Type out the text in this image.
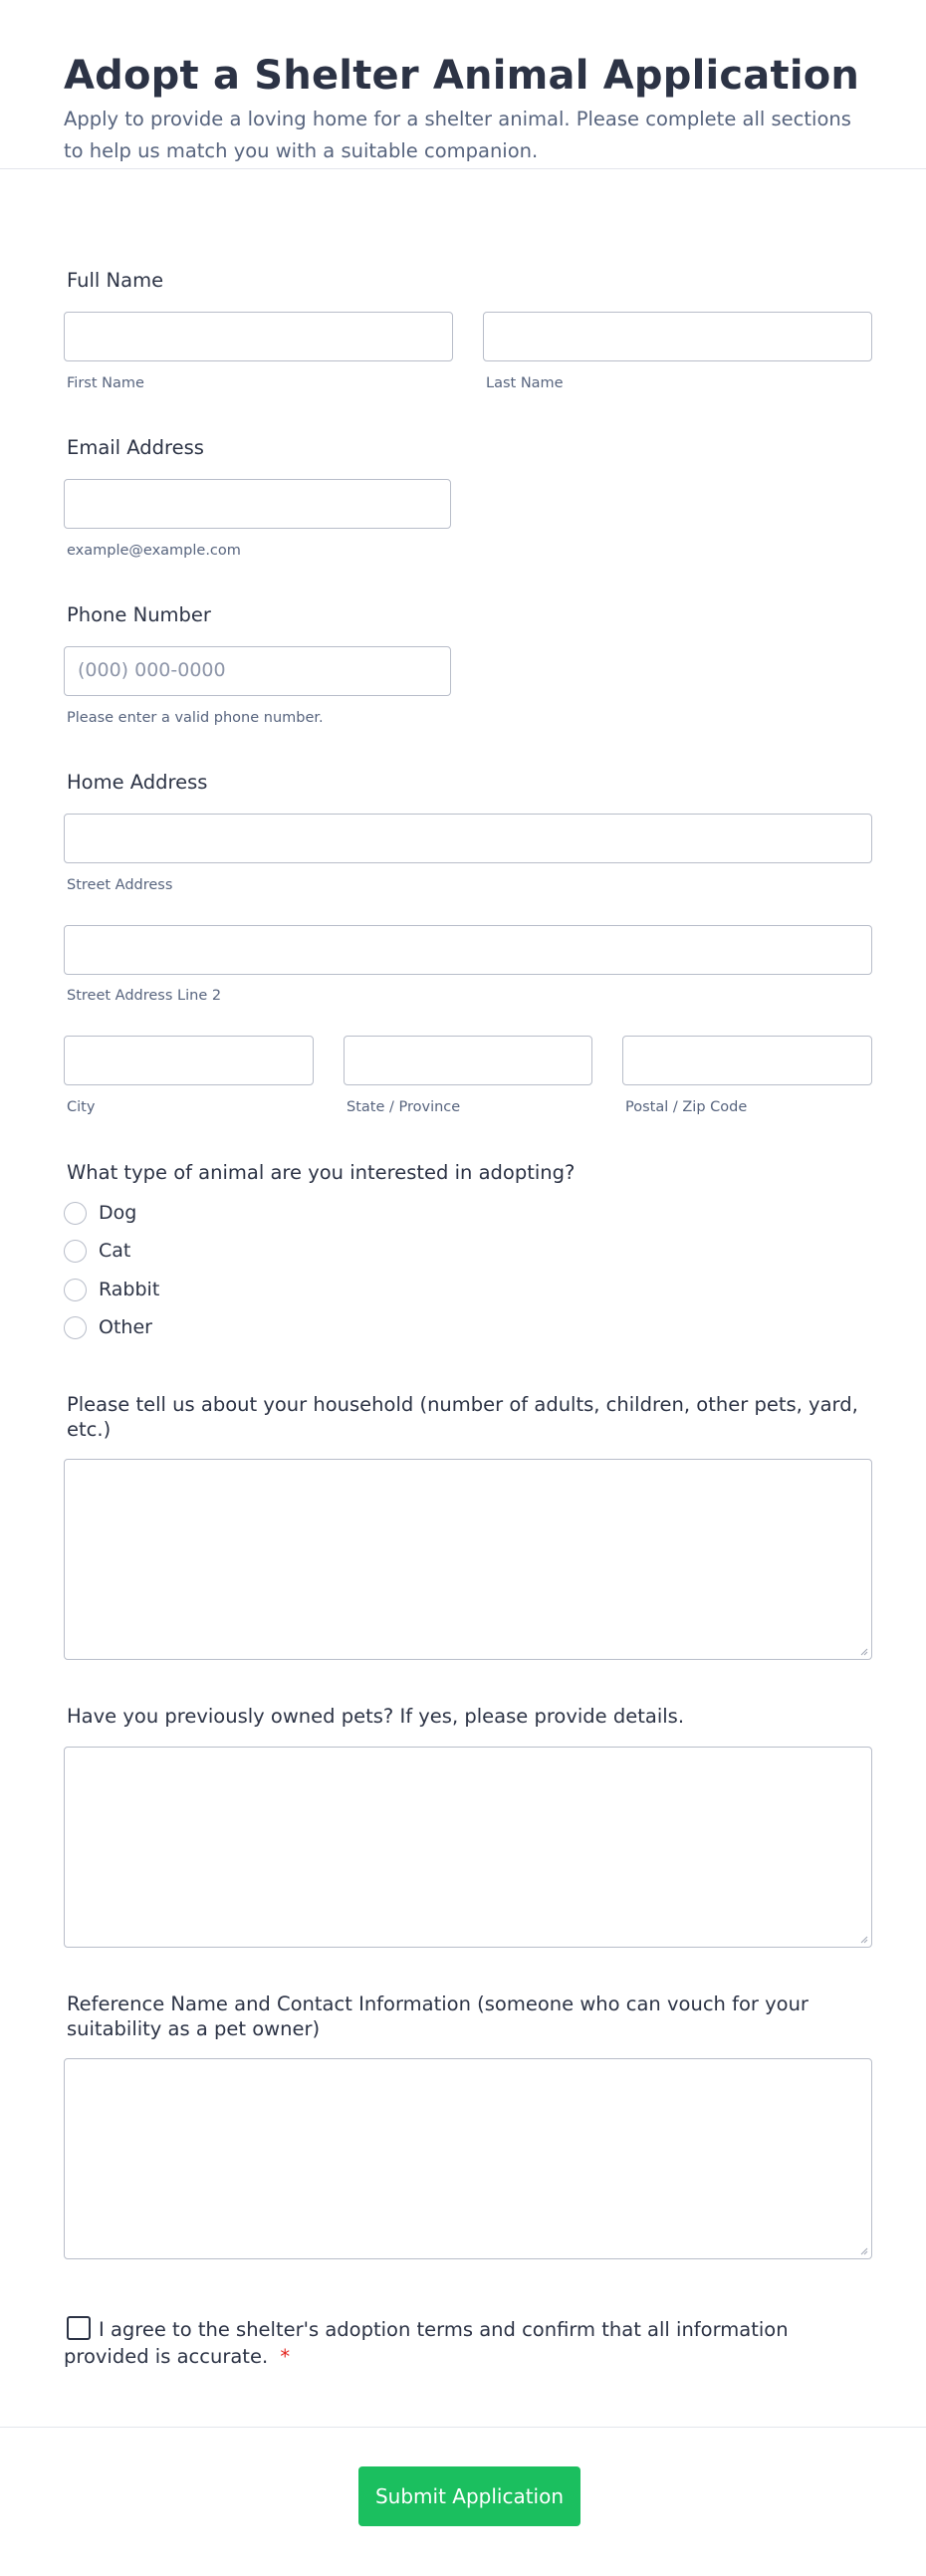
Adopt a Shelter Animal Application
Apply to provide a loving home for a shelter animal. Please complete all sections to help us match you with a suitable companion.
Full Name
First Name	Last Name
Email Address
example@example.com
Phone Number
(000) 000-0000
Please enter a valid phone number.
Home Address
Street Address
Street Address Line 2
City	State / Province	Postal / Zip Code
What type of animal are you interested in adopting?
Dog
Cat
Rabbit
Other
Please tell us about your household (number of adults, children, other pets, yard, etc.)
Have you previously owned pets? If yes, please provide details.
Reference Name and Contact Information (someone who can vouch for your suitability as a pet owner)
I agree to the shelter's adoption terms and confirm that all information provided is accurate. *
Submit Application
